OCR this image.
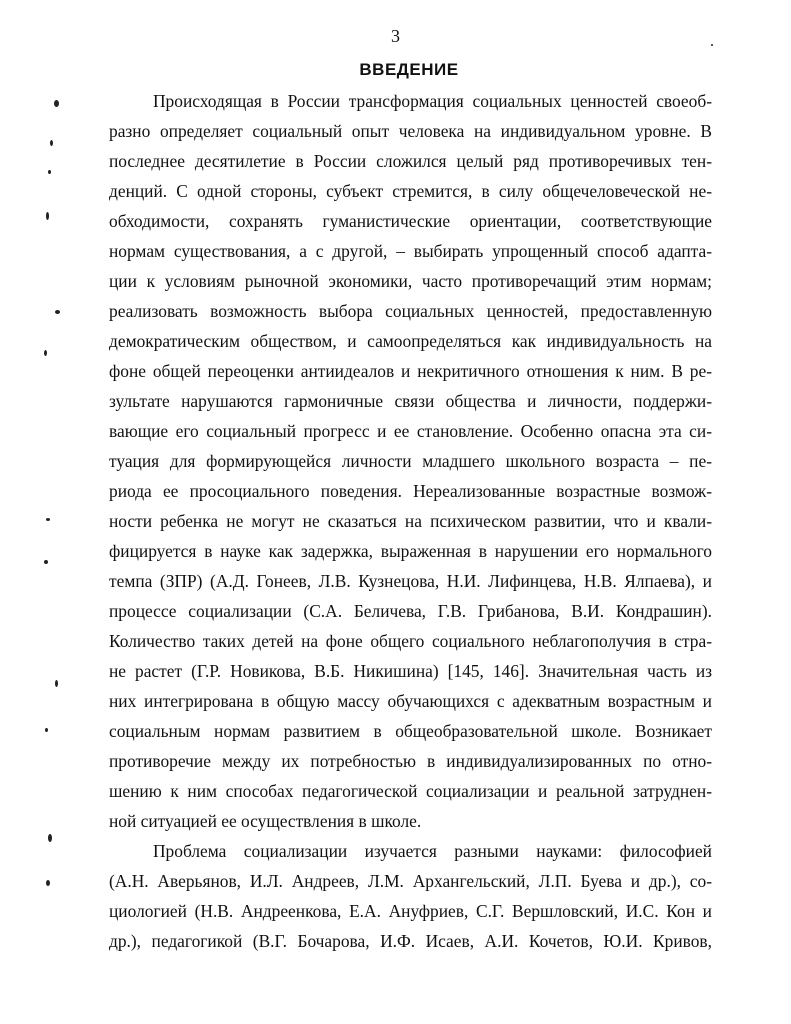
3
ВВЕДЕНИЕ
Происходящая в России трансформация социальных ценностей своеоб-
разно определяет социальный опыт человека на индивидуальном уровне. В
последнее десятилетие в России сложился целый ряд противоречивых тен-
денций. С одной стороны, субъект стремится, в силу общечеловеческой не-
обходимости, сохранять гуманистические ориентации, соответствующие
нормам существования, а с другой, – выбирать упрощенный способ адапта-
ции к условиям рыночной экономики, часто противоречащий этим нормам;
реализовать возможность выбора социальных ценностей, предоставленную
демократическим обществом, и самоопределяться как индивидуальность на
фоне общей переоценки антиидеалов и некритичного отношения к ним. В ре-
зультате нарушаются гармоничные связи общества и личности, поддержи-
вающие его социальный прогресс и ее становление. Особенно опасна эта си-
туация для формирующейся личности младшего школьного возраста – пе-
риода ее просоциального поведения. Нереализованные возрастные возмож-
ности ребенка не могут не сказаться на психическом развитии, что и квали-
фицируется в науке как задержка, выраженная в нарушении его нормального
темпа (ЗПР) (А.Д. Гонеев, Л.В. Кузнецова, Н.И. Лифинцева, Н.В. Ялпаева), и
процессе социализации (С.А. Беличева, Г.В. Грибанова, В.И. Кондрашин).
Количество таких детей на фоне общего социального неблагополучия в стра-
не растет (Г.Р. Новикова, В.Б. Никишина) [145, 146]. Значительная часть из
них интегрирована в общую массу обучающихся с адекватным возрастным и
социальным нормам развитием в общеобразовательной школе. Возникает
противоречие между их потребностью в индивидуализированных по отно-
шению к ним способах педагогической социализации и реальной затруднен-
ной ситуацией ее осуществления в школе.
Проблема социализации изучается разными науками: философией
(А.Н. Аверьянов, И.Л. Андреев, Л.М. Архангельский, Л.П. Буева и др.), со-
циологией (Н.В. Андреенкова, Е.А. Ануфриев, С.Г. Вершловский, И.С. Кон и
др.), педагогикой (В.Г. Бочарова, И.Ф. Исаев, А.И. Кочетов, Ю.И. Кривов,
